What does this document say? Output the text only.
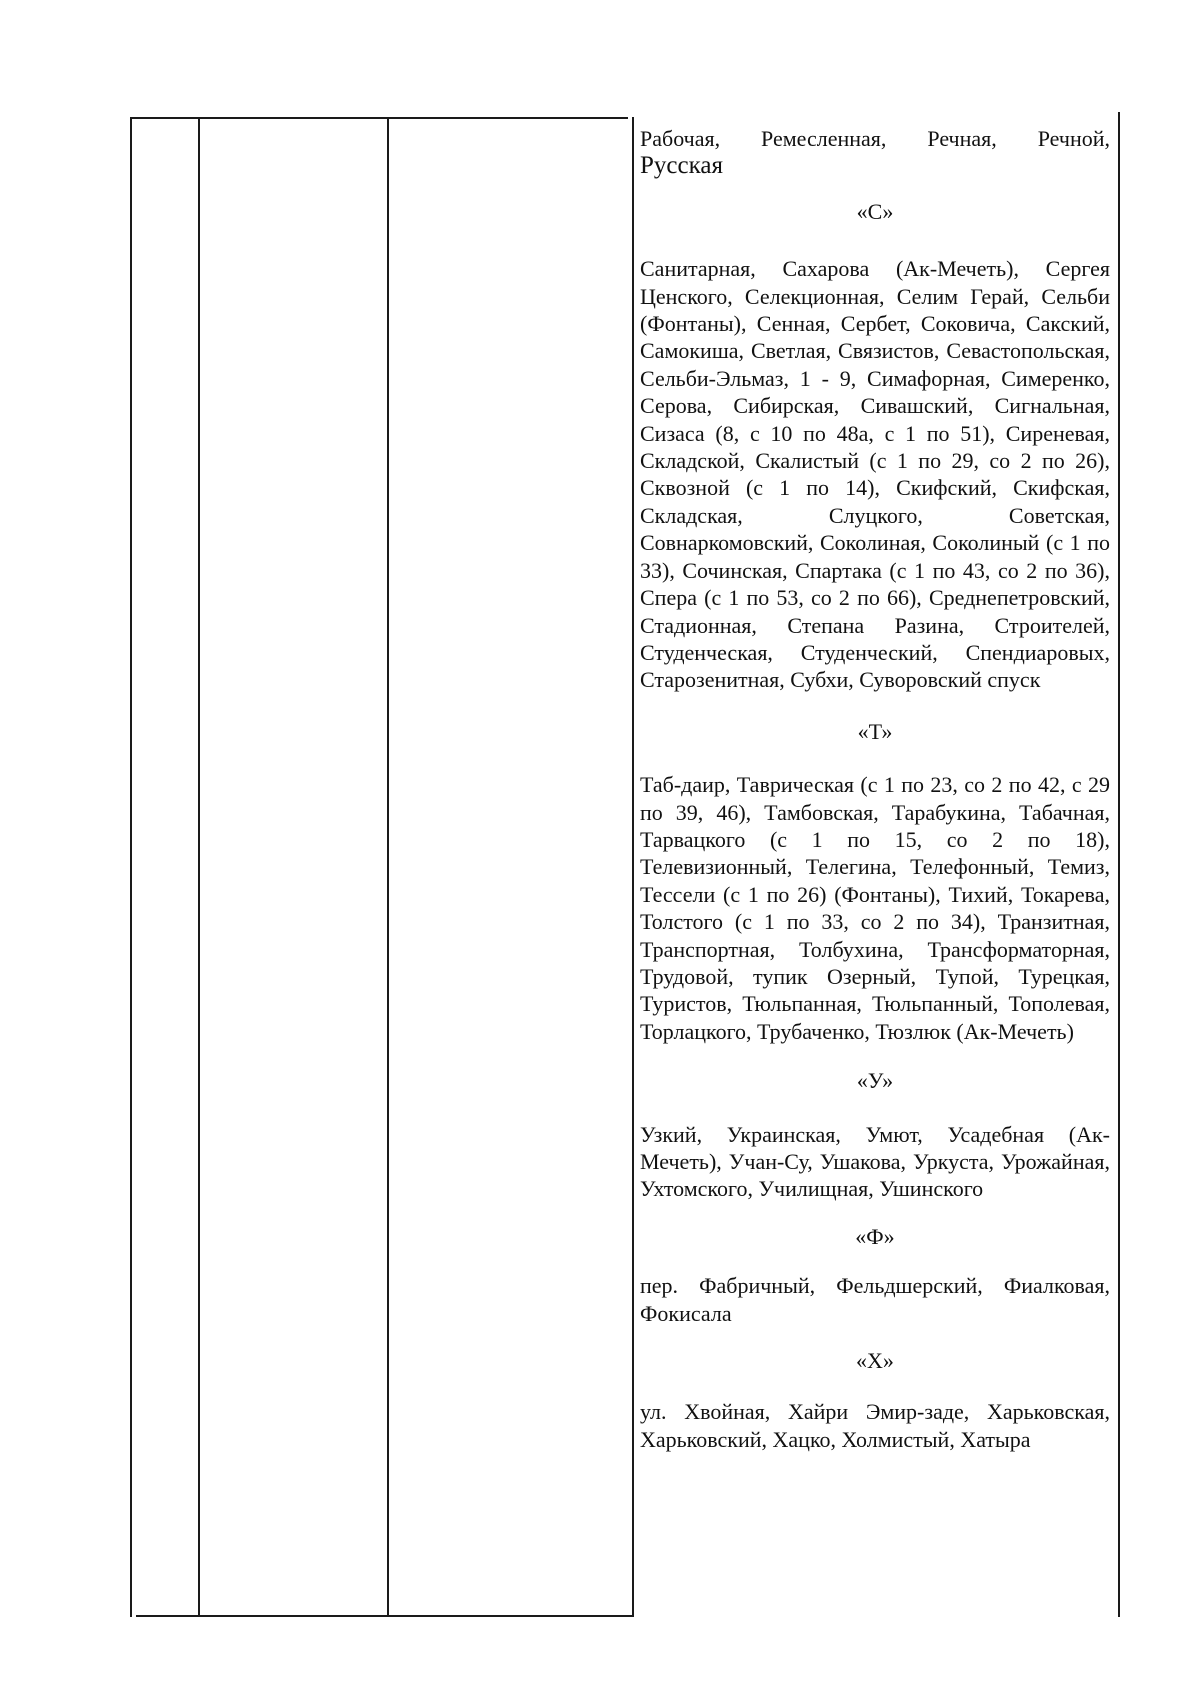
Рабочая, Ремесленная, Речная, Речной,
Русская

«С»

Санитарная, Сахарова (Ак-Мечеть), Сергея Ценского, Селекционная, Селим Герай, Сельби (Фонтаны), Сенная, Сербет, Соковича, Сакский, Самокиша, Светлая, Связистов, Севастопольская, Сельби-Эльмаз, 1 - 9, Симафорная, Симеренко, Серова, Сибирская, Сивашский, Сигнальная, Сизаса (8, с 10 по 48а, с 1 по 51), Сиреневая, Складской, Скалистый (с 1 по 29, со 2 по 26), Сквозной (с 1 по 14), Скифский, Скифская, Складская, Слуцкого, Советская, Совнаркомовский, Соколиная, Соколиный (с 1 по 33), Сочинская, Спартака (с 1 по 43, со 2 по 36), Спера (с 1 по 53, со 2 по 66), Среднепетровский, Стадионная, Степана Разина, Строителей, Студенческая, Студенческий, Спендиаровых, Старозенитная, Субхи, Суворовский спуск

«Т»

Таб-даир, Таврическая (с 1 по 23, со 2 по 42, с 29 по 39, 46), Тамбовская, Тарабукина, Табачная, Тарвацкого (с 1 по 15, со 2 по 18), Телевизионный, Телегина, Телефонный, Темиз, Тессели (с 1 по 26) (Фонтаны), Тихий, Токарева, Толстого (с 1 по 33, со 2 по 34), Транзитная, Транспортная, Толбухина, Трансформаторная, Трудовой, тупик Озерный, Тупой, Турецкая, Туристов, Тюльпанная, Тюльпанный, Тополевая, Торлацкого, Трубаченко, Тюзлюк (Ак-Мечеть)

«У»

Узкий, Украинская, Умют, Усадебная (Ак-Мечеть), Учан-Су, Ушакова, Уркуста, Урожайная, Ухтомского, Училищная, Ушинского

«Ф»

пер. Фабричный, Фельдшерский, Фиалковая, Фокисала

«Х»

ул. Хвойная, Хайри Эмир-заде, Харьковская, Харьковский, Хацко, Холмистый, Хатыра
